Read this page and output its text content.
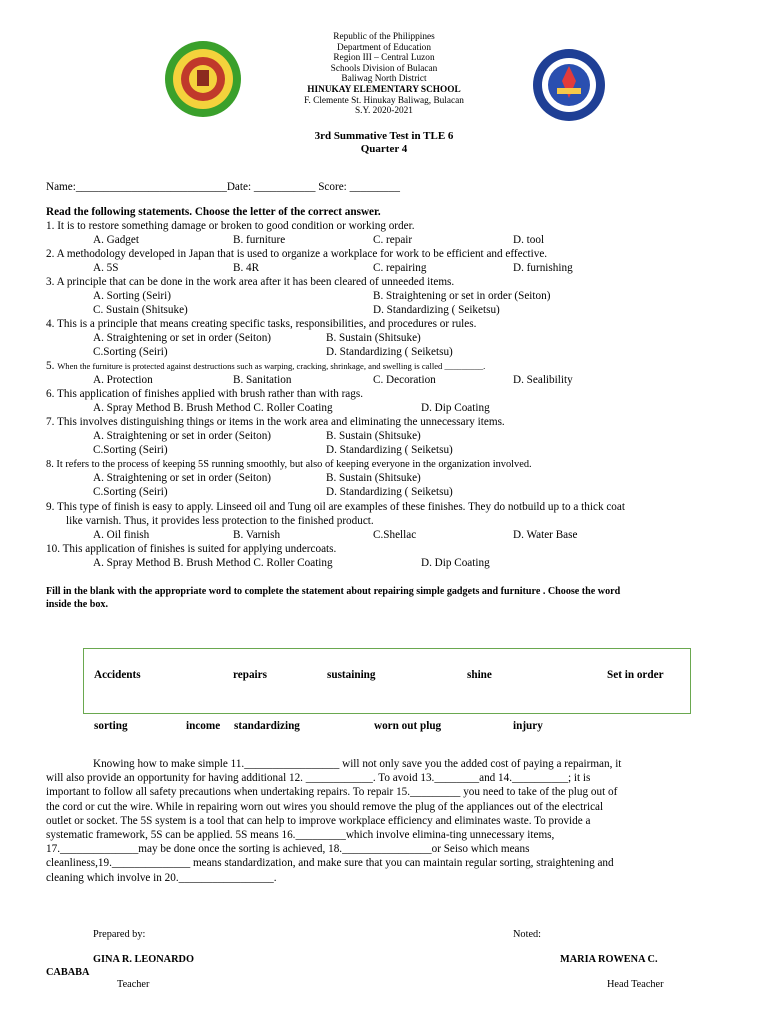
Republic of the Philippines
Department of Education
Region III – Central Luzon
Schools Division of Bulacan
Baliwag North District
HINUKAY ELEMENTARY SCHOOL
F. Clemente St. Hinukay Baliwag, Bulacan
S.Y. 2020-2021
3rd Summative Test in TLE 6
Quarter 4
Name:___________________________Date: ___________ Score: _________
Read the following statements. Choose the letter of the correct answer.
1. It is to restore something damage or broken to good condition or working order.
A. Gadget	B. furniture	C. repair	D. tool
2. A methodology developed in Japan that is used to organize a workplace for work to be efficient and effective.
A. 5S	B. 4R	C. repairing	D. furnishing
3. A principle that can be done in the work area after it has been cleared of unneeded items.
A. Sorting (Seiri)	B. Straightening or set in order (Seiton)
C. Sustain (Shitsuke)	D. Standardizing ( Seiketsu)
4. This is a principle that means creating specific tasks, responsibilities, and procedures or rules.
A. Straightening or set in order (Seiton)	B. Sustain (Shitsuke)
C.Sorting (Seiri)	D. Standardizing ( Seiketsu)
5. When the furniture is protected against destructions such as warping, cracking, shrinkage, and swelling is called _________.
A. Protection	B. Sanitation	C. Decoration	D. Sealibility
6. This application of finishes applied with brush rather than with rags.
A. Spray Method B. Brush Method C. Roller Coating	D. Dip Coating
7. This involves distinguishing things or items in the work area and eliminating the unnecessary items.
A. Straightening or set in order (Seiton)	B. Sustain (Shitsuke)
C.Sorting (Seiri)	D. Standardizing ( Seiketsu)
8. It refers to the process of keeping 5S running smoothly, but also of keeping everyone in the organization involved.
A. Straightening or set in order (Seiton)	B. Sustain (Shitsuke)
C.Sorting (Seiri)	D. Standardizing ( Seiketsu)
9. This type of finish is easy to apply. Linseed oil and Tung oil are examples of these finishes. They do notbuild up to a thick coat
like varnish. Thus, it provides less protection to the finished product.
A. Oil finish	B. Varnish	C.Shellac	D. Water Base
10. This application of finishes is suited for applying undercoats.
A. Spray Method B. Brush Method C. Roller Coating	D. Dip Coating
Fill in the blank with the appropriate word to complete the statement about repairing simple gadgets and furniture . Choose the word
inside the box.
Accidents	repairs	sustaining	shine	Set in order
sorting	income standardizing	worn out plug	injury
Knowing how to make simple 11._________________ will not only save you the added cost of paying a repairman, it
will also provide an opportunity for having additional 12. ____________. To avoid 13.________and 14.__________; it is
important to follow all safety precautions when undertaking repairs. To repair 15._________ you need to take of the plug out of
the cord or cut the wire. While in repairing worn out wires you should remove the plug of the appliances out of the electrical
outlet or socket. The 5S system is a tool that can help to improve workplace efficiency and eliminates waste. To provide a
systematic framework, 5S can be applied. 5S means 16._________which involve elimina-ting unnecessary items,
17.______________may be done once the sorting is achieved, 18.________________or Seiso which means
cleanliness,19.______________ means standardization, and make sure that you can maintain regular sorting, straightening and
cleaning which involve in 20._________________.
Prepared by:	Noted:
GINA R. LEONARDO	MARIA ROWENA C.
CABABA
Teacher	Head Teacher
